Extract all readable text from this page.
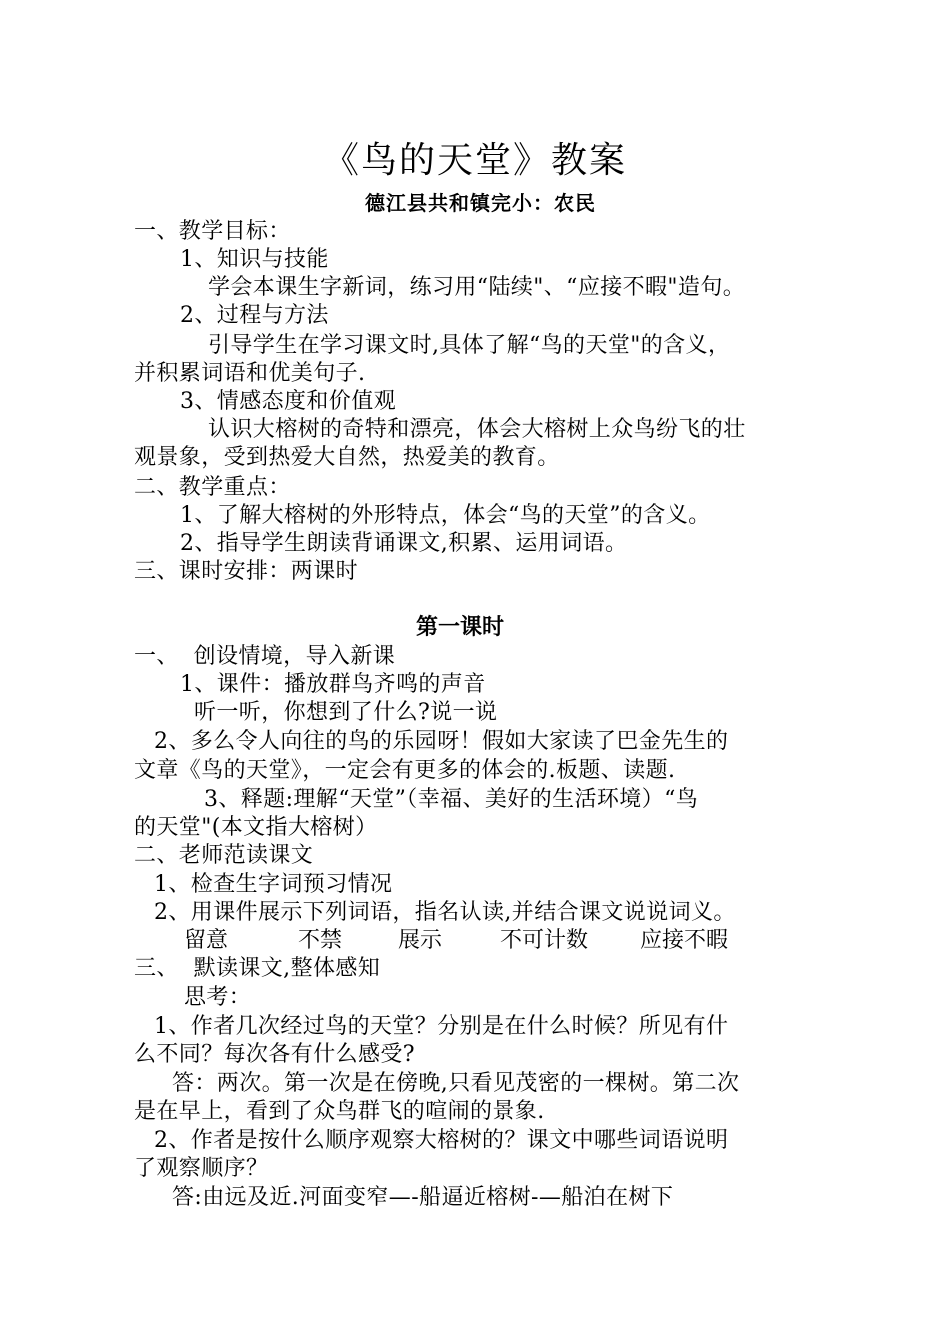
《鸟的天堂》教案
德江县共和镇完小：农民
一、教学目标：
1、知识与技能
学会本课生字新词，练习用“陆续"、“应接不暇"造句。
2、过程与方法
引导学生在学习课文时,具体了解“鸟的天堂"的含义，
并积累词语和优美句子.
3、情感态度和价值观
认识大榕树的奇特和漂亮，体会大榕树上众鸟纷飞的壮
观景象，受到热爱大自然，热爱美的教育。
二、教学重点：
1、了解大榕树的外形特点，体会“鸟的天堂”的含义。
2、指导学生朗读背诵课文,积累、运用词语。
三、课时安排：两课时
第一课时
一、  创设情境，导入新课
1、课件：播放群鸟齐鸣的声音
听一听，你想到了什么?说一说
2、多么令人向往的鸟的乐园呀！假如大家读了巴金先生的
文章《鸟的天堂》，一定会有更多的体会的.板题、读题.
3、释题:理解“天堂”（幸福、美好的生活环境）“鸟
的天堂"(本文指大榕树）
二、老师范读课文
1、检查生字词预习情况
2、用课件展示下列词语，指名认读,并结合课文说说词义。
留意	不禁	展示	不可计数 应接不暇
三、  默读课文,整体感知
思考：
1、作者几次经过鸟的天堂？分别是在什么时候？所见有什
么不同？每次各有什么感受?
答：两次。第一次是在傍晚,只看见茂密的一棵树。第二次
是在早上，看到了众鸟群飞的喧闹的景象.
2、作者是按什么顺序观察大榕树的？课文中哪些词语说明
了观察顺序？
答:由远及近.河面变窄—-船逼近榕树-—船泊在树下
